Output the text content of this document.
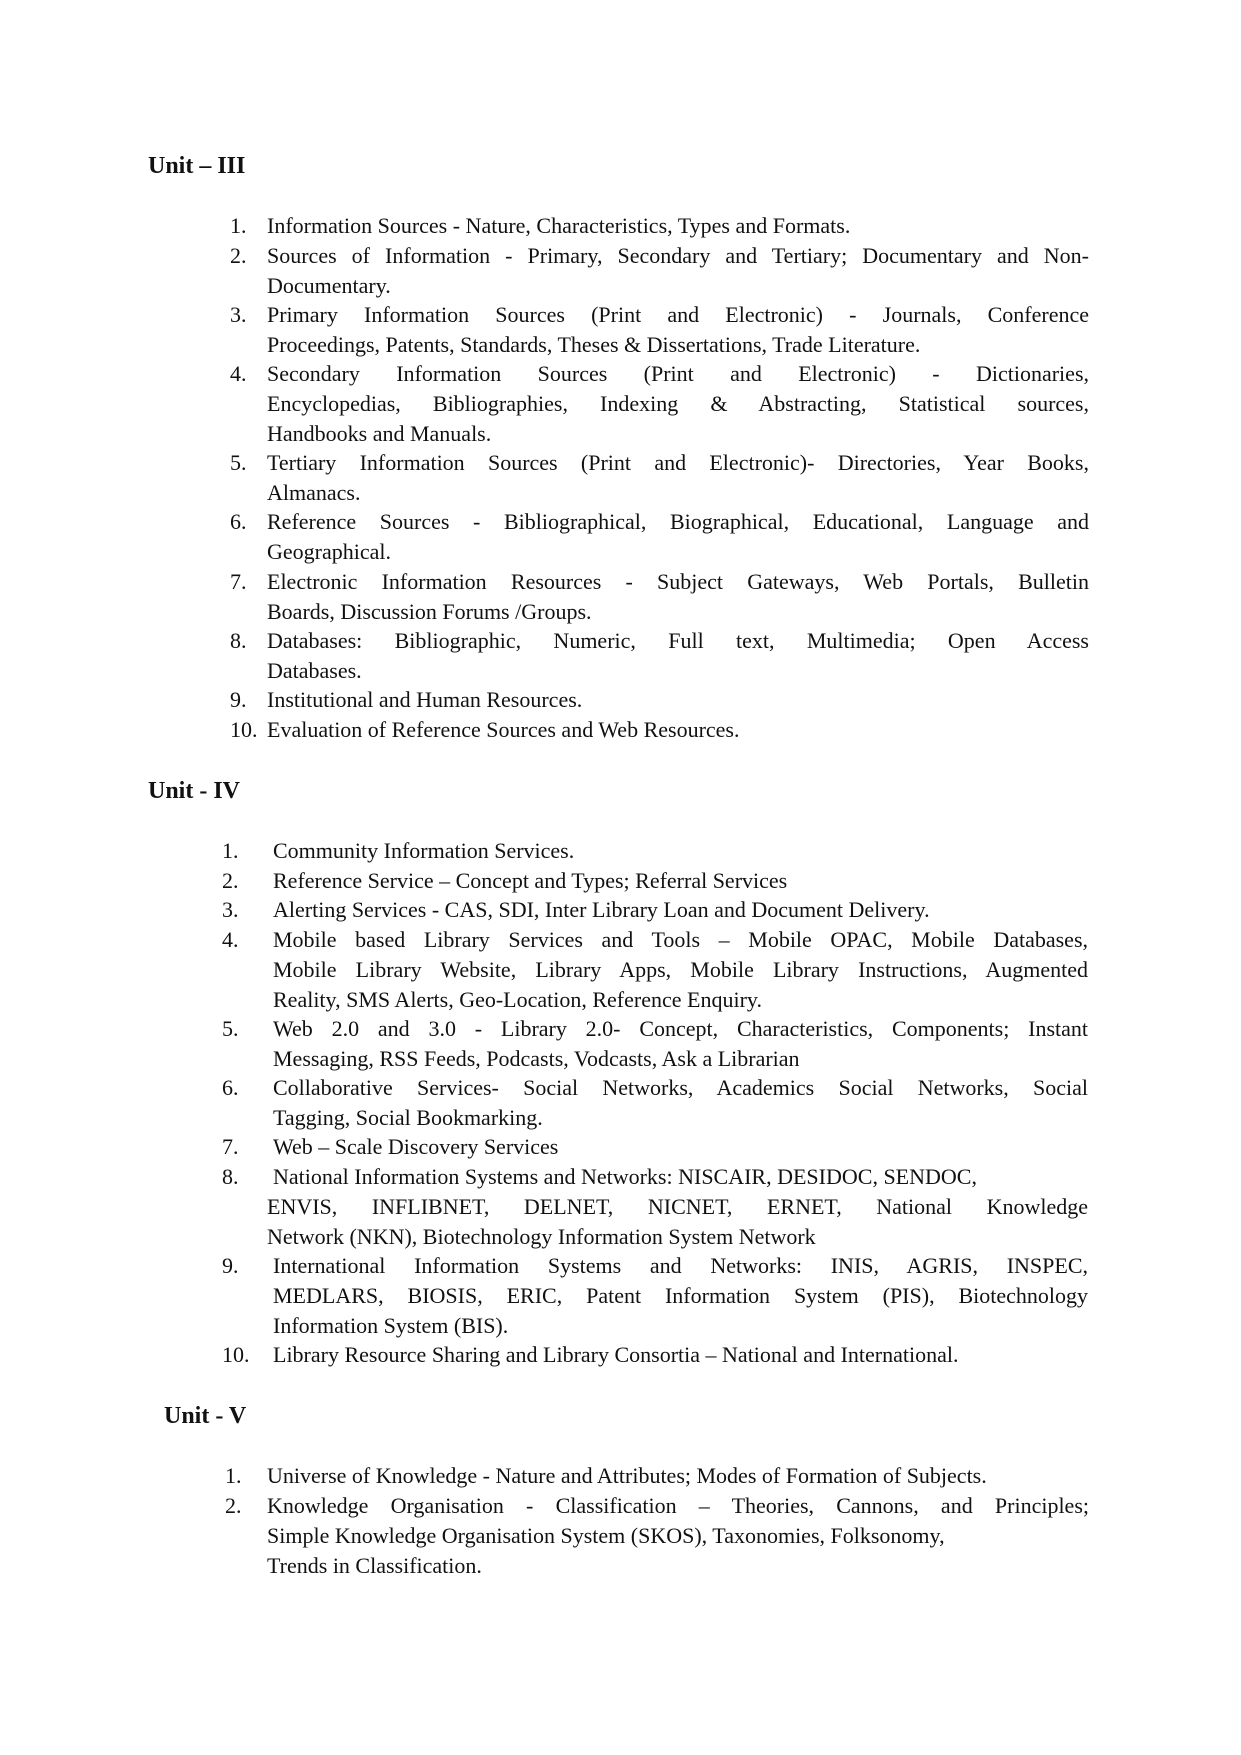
Unit – III
1. Information Sources - Nature, Characteristics, Types and Formats.
2. Sources of Information - Primary, Secondary and Tertiary; Documentary and Non-
Documentary.
3. Primary Information Sources (Print and Electronic) - Journals, Conference
Proceedings, Patents, Standards, Theses & Dissertations, Trade Literature.
4. Secondary Information Sources (Print and Electronic) - Dictionaries,
Encyclopedias, Bibliographies, Indexing & Abstracting, Statistical sources,
Handbooks and Manuals.
5. Tertiary Information Sources (Print and Electronic)- Directories, Year Books,
Almanacs.
6. Reference Sources - Bibliographical, Biographical, Educational, Language and
Geographical.
7. Electronic Information Resources - Subject Gateways, Web Portals, Bulletin
Boards, Discussion Forums /Groups.
8. Databases: Bibliographic, Numeric, Full text, Multimedia; Open Access
Databases.
9. Institutional and Human Resources.
10. Evaluation of Reference Sources and Web Resources.
Unit - IV
1. Community Information Services.
2. Reference Service – Concept and Types; Referral Services
3. Alerting Services - CAS, SDI, Inter Library Loan and Document Delivery.
4. Mobile based Library Services and Tools – Mobile OPAC, Mobile Databases,
Mobile Library Website, Library Apps, Mobile Library Instructions, Augmented
Reality, SMS Alerts, Geo-Location, Reference Enquiry.
5. Web 2.0 and 3.0 - Library 2.0- Concept, Characteristics, Components; Instant
Messaging, RSS Feeds, Podcasts, Vodcasts, Ask a Librarian
6. Collaborative Services- Social Networks, Academics Social Networks, Social
Tagging, Social Bookmarking.
7. Web – Scale Discovery Services
8. National Information Systems and Networks: NISCAIR, DESIDOC, SENDOC,
ENVIS, INFLIBNET, DELNET, NICNET, ERNET, National Knowledge
Network (NKN), Biotechnology Information System Network
9. International Information Systems and Networks: INIS, AGRIS, INSPEC,
MEDLARS, BIOSIS, ERIC, Patent Information System (PIS), Biotechnology
Information System (BIS).
10. Library Resource Sharing and Library Consortia – National and International.
Unit - V
1. Universe of Knowledge - Nature and Attributes; Modes of Formation of Subjects.
2. Knowledge Organisation - Classification – Theories, Cannons, and Principles;
Simple Knowledge Organisation System (SKOS), Taxonomies, Folksonomy,
Trends in Classification.
